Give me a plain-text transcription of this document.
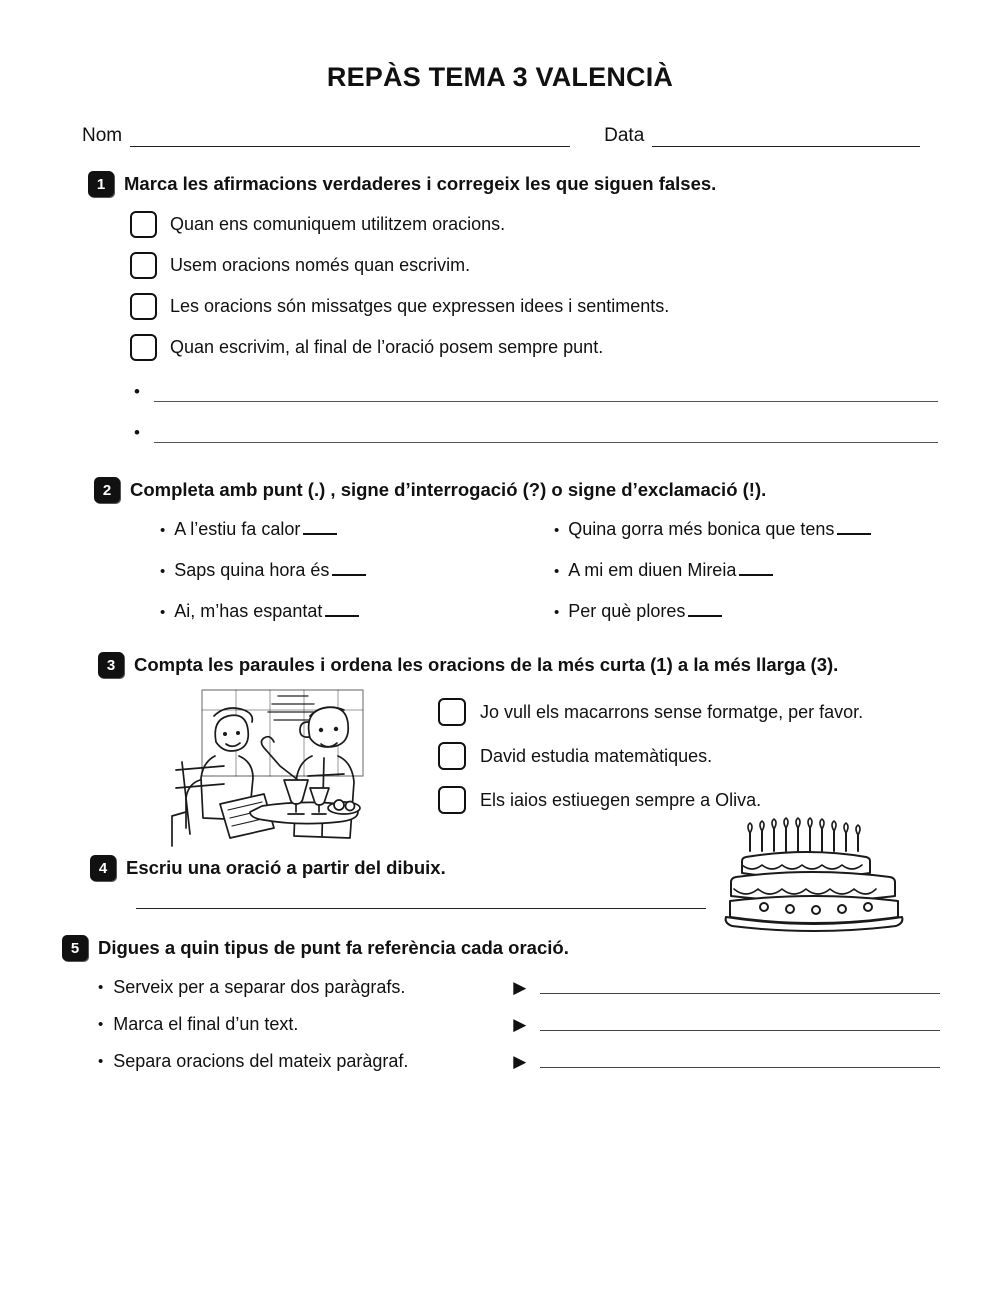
REPÀS TEMA 3 VALENCIÀ
Nom	Data
1	Marca les afirmacions verdaderes i corregeix les que siguen falses.
Quan ens comuniquem utilitzem oracions.
Usem oracions només quan escrivim.
Les oracions són missatges que expressen idees i sentiments.
Quan escrivim, al final de l’oració posem sempre punt.
•
•
2	Completa amb punt (.) , signe d’interrogació (?) o signe d’exclamació (!).
• A l’estiu fa calor
• Saps quina hora és
• Ai, m’has espantat
• Quina gorra més bonica que tens
• A mi em diuen Mireia
• Per què plores
3	Compta les paraules i ordena les oracions de la més curta (1) a la més llarga (3).
Jo vull els macarrons sense formatge, per favor.
David estudia matemàtiques.
Els iaios estiuegen sempre a Oliva.
4	Escriu una oració a partir del dibuix.
5	Digues a quin tipus de punt fa referència cada oració.
• Serveix per a separar dos paràgrafs.	▶
• Marca el final d’un text.	▶
• Separa oracions del mateix paràgraf.	▶
